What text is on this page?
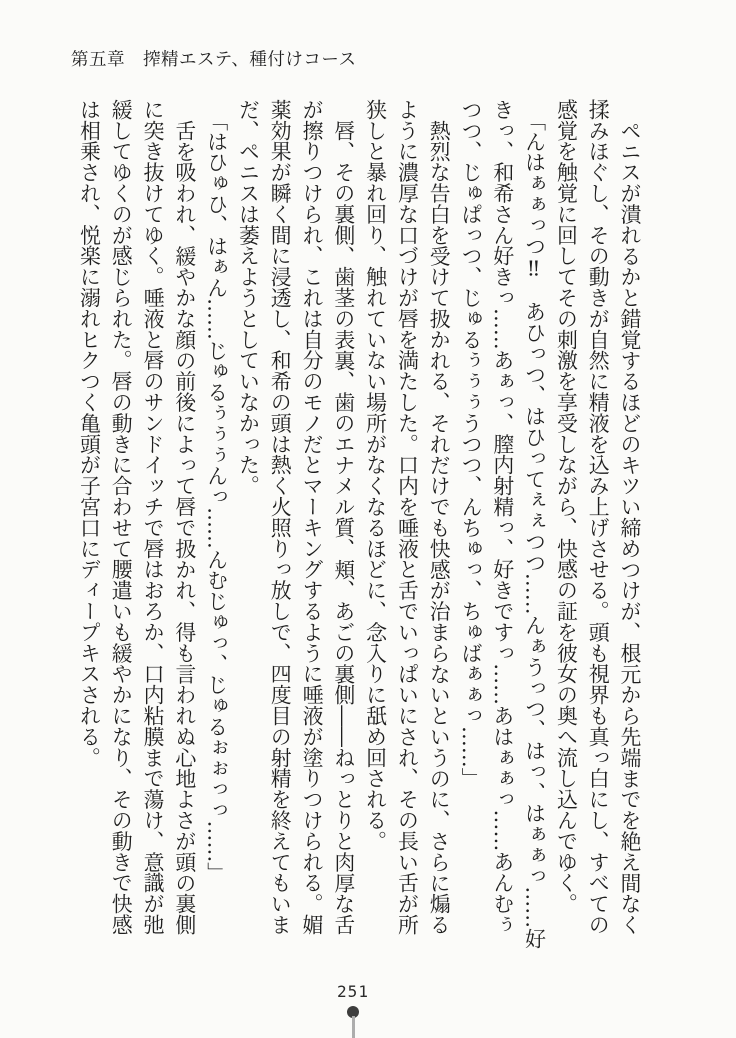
第五章　搾精エステ、種付けコース
ペニスが潰れるかと錯覚するほどのキツい締めつけが、根元から先端までを絶え間なく
揉みほぐし、その動きが自然に精液を込み上げさせる。頭も視界も真っ白にし、すべての
感覚を触覚に回してその刺激を享受しながら、快感の証を彼女の奥へ流し込んでゆく。
「んはぁぁっつ‼　あひっつ、はひってぇぇつつ……んぁうっつ、はっ、はぁぁっ……好
きっ、和希さん好きっ……あぁっ、膣内射精っ、好きですっ……あはぁぁっ……あんむぅ
つつ、じゅぱっつ、じゅるぅぅぅうつつ、んちゅっ、ちゅばぁぁっ……」
熱烈な告白を受けて扱かれる、それだけでも快感が治まらないというのに、さらに煽る
ように濃厚な口づけが唇を満たした。口内を唾液と舌でいっぱいにされ、その長い舌が所
狭しと暴れ回り、触れていない場所がなくなるほどに、念入りに舐め回される。
唇、その裏側、歯茎の表裏、歯のエナメル質、頬、あごの裏側――ねっとりと肉厚な舌
が擦りつけられ、これは自分のモノだとマーキングするように唾液が塗りつけられる。媚
薬効果が瞬く間に浸透し、和希の頭は熱く火照りっ放しで、四度目の射精を終えてもいま
だ、ペニスは萎えようとしていなかった。
「はひゅひ、はぁん……じゅるぅぅぅんっ……んむじゅっ、じゅるぉぉっっ……」
舌を吸われ、緩やかな顔の前後によって唇で扱かれ、得も言われぬ心地よさが頭の裏側
に突き抜けてゆく。唾液と唇のサンドイッチで唇はおろか、口内粘膜まで蕩け、意識が弛
緩してゆくのが感じられた。唇の動きに合わせて腰遣いも緩やかになり、その動きで快感
は相乗され、悦楽に溺れヒクつく亀頭が子宮口にディープキスされる。
251
